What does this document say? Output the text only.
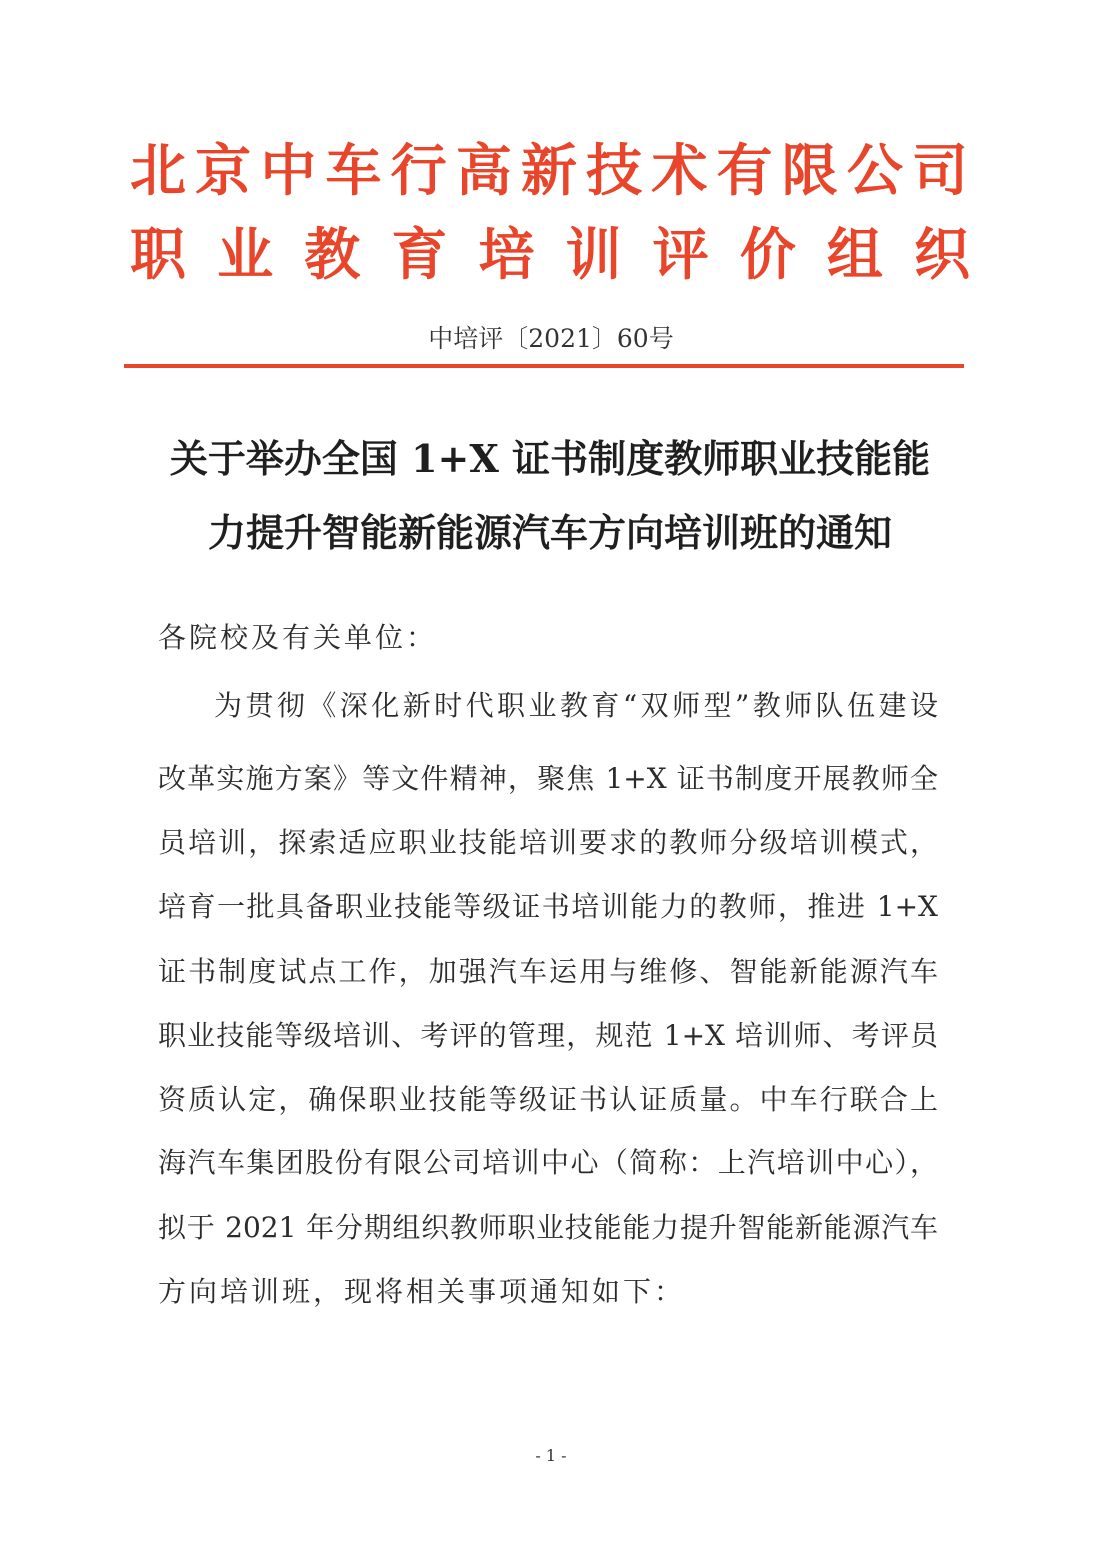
北京中车行高新技术有限公司
职业教育培训评价组织
中培评〔2021〕60号
关于举办全国 1+X 证书制度教师职业技能能
力提升智能新能源汽车方向培训班的通知
各院校及有关单位：
为贯彻《深化新时代职业教育“双师型”教师队伍建设
改革实施方案》等文件精神，聚焦 1+X 证书制度开展教师全
员培训，探索适应职业技能培训要求的教师分级培训模式，
培育一批具备职业技能等级证书培训能力的教师，推进 1+X
证书制度试点工作，加强汽车运用与维修、智能新能源汽车
职业技能等级培训、考评的管理，规范 1+X 培训师、考评员
资质认定，确保职业技能等级证书认证质量。中车行联合上
海汽车集团股份有限公司培训中心（简称：上汽培训中心），
拟于 2021 年分期组织教师职业技能能力提升智能新能源汽车
方向培训班，现将相关事项通知如下：
- 1 -
